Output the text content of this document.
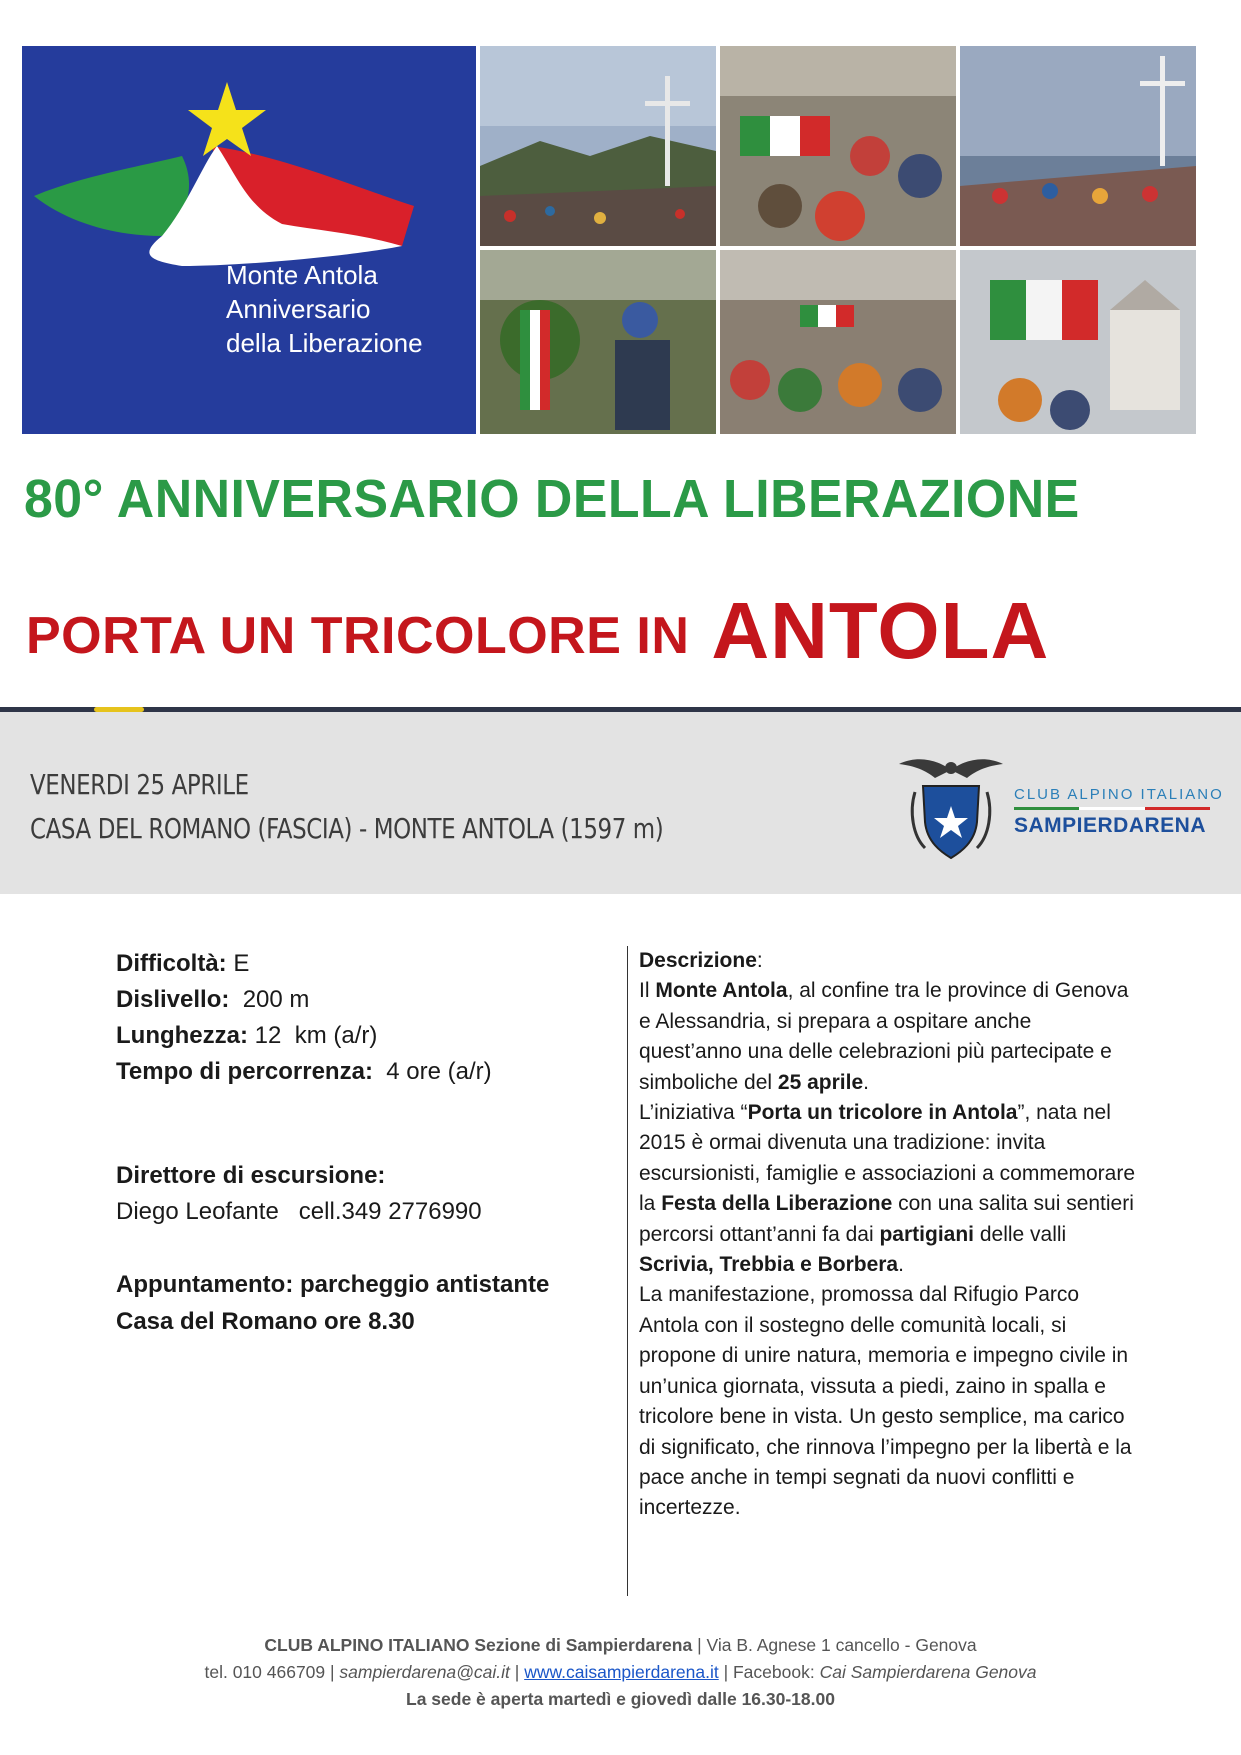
Monte Antola
Anniversario
della Liberazione
80° ANNIVERSARIO DELLA LIBERAZIONE
PORTA UN TRICOLORE IN ANTOLA
VENERDI 25 APRILE
CASA DEL ROMANO (FASCIA) - MONTE ANTOLA (1597 m)
CLUB ALPINO ITALIANO
SAMPIERDARENA
Difficoltà: E
Dislivello:  200 m
Lunghezza: 12  km (a/r)
Tempo di percorrenza:  4 ore (a/r)
Direttore di escursione:
Diego Leofante   cell.349 2776990
Appuntamento: parcheggio antistante
Casa del Romano ore 8.30
Descrizione:
Il Monte Antola, al confine tra le province di Genova e Alessandria, si prepara a ospitare anche quest’anno una delle celebrazioni più partecipate e simboliche del 25 aprile.
L’iniziativa “Porta un tricolore in Antola”, nata nel 2015 è ormai divenuta una tradizione: invita escursionisti, famiglie e associazioni a commemorare la Festa della Liberazione con una salita sui sentieri percorsi ottant’anni fa dai partigiani delle valli Scrivia, Trebbia e Borbera.
La manifestazione, promossa dal Rifugio Parco Antola con il sostegno delle comunità locali, si propone di unire natura, memoria e impegno civile in un’unica giornata, vissuta a piedi, zaino in spalla e tricolore bene in vista. Un gesto semplice, ma carico di significato, che rinnova l’impegno per la libertà e la pace anche in tempi segnati da nuovi conflitti e incertezze.
CLUB ALPINO ITALIANO Sezione di Sampierdarena | Via B. Agnese 1 cancello - Genova
tel. 010 466709 | sampierdarena@cai.it | www.caisampierdarena.it | Facebook: Cai Sampierdarena Genova
La sede è aperta martedì e giovedì dalle 16.30-18.00
